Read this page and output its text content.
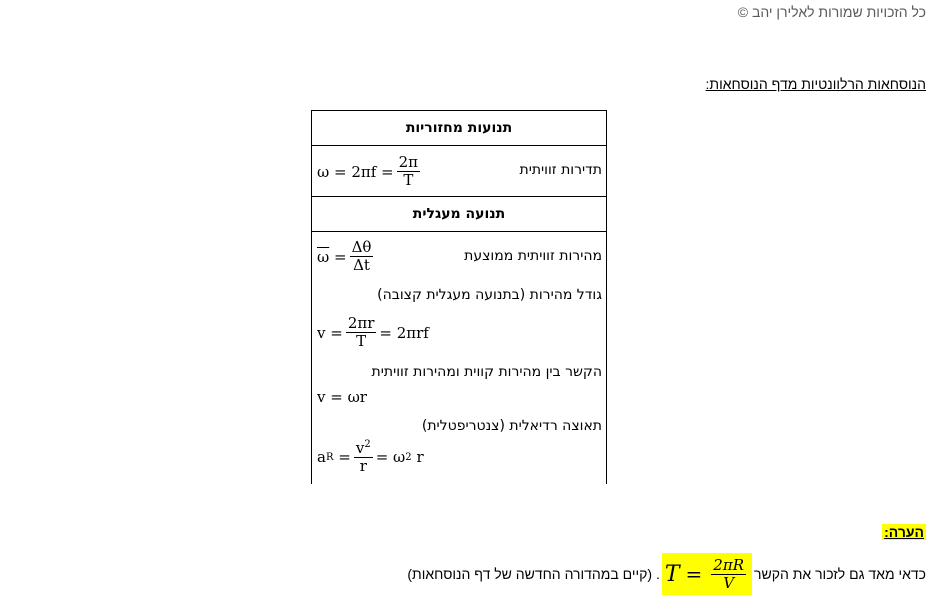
כל הזכויות שמורות לאלירן יהב ©
הנוסחאות הרלוונטיות מדף הנוסחאות:
תנועות מחזוריות
תדירות זוויתית
$\omega = 2\pi f = \frac{2\pi}{T}$
תנועה מעגלית
מהירות זוויתית ממוצעת
$\overline{\omega}$
= $\frac{\Delta\theta}{\Delta t}$
גודל מהירות (בתנועה מעגלית קצובה)
$v = \frac{2\pi r}{T} = 2\pi rf$
הקשר בין מהירות קווית ומהירות זוויתית
v = ωr
תאוצה רדיאלית (צנטריפטלית)
a R
= $\frac{v^2}{r} = \omega$ 2
r
הערה:
כדאי מאד גם לזכור את הקשר
$T = \frac{2\pi R}{V}$
. (קיים במהדורה החדשה של דף הנוסחאות)
